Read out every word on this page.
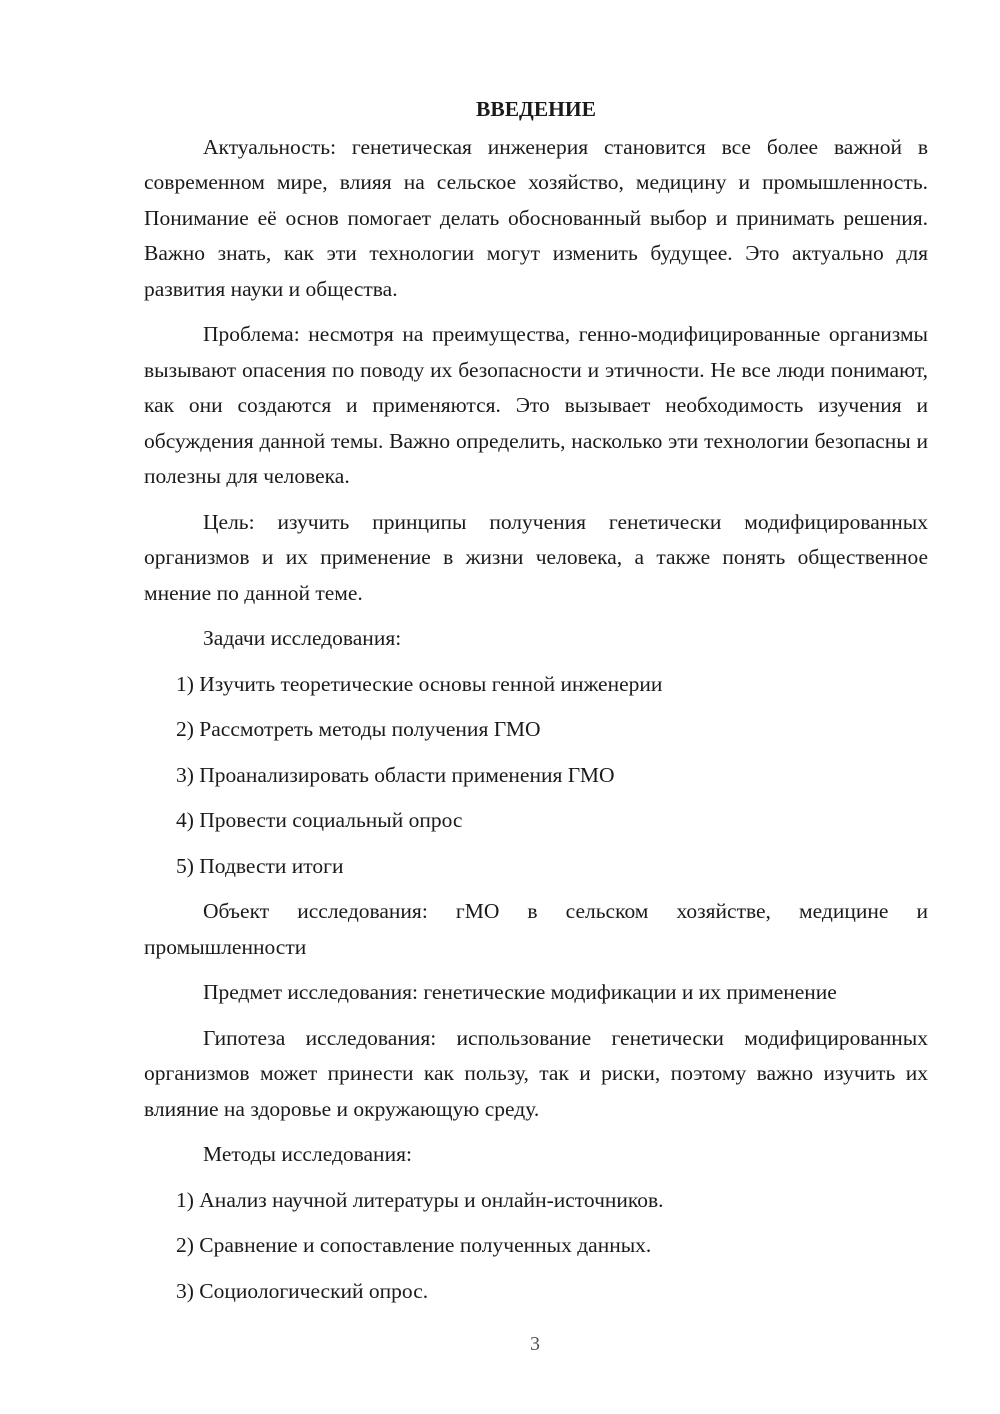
ВВЕДЕНИЕ

Актуальность: генетическая инженерия становится все более важной в современном мире, влияя на сельское хозяйство, медицину и промышленность. Понимание её основ помогает делать обоснованный выбор и принимать решения. Важно знать, как эти технологии могут изменить будущее. Это актуально для развития науки и общества.

Проблема: несмотря на преимущества, генно-модифицированные организмы вызывают опасения по поводу их безопасности и этичности. Не все люди понимают, как они создаются и применяются. Это вызывает необходимость изучения и обсуждения данной темы. Важно определить, насколько эти технологии безопасны и полезны для человека.

Цель: изучить принципы получения генетически модифицированных организмов и их применение в жизни человека, а также понять общественное мнение по данной теме.

Задачи исследования:

1) Изучить теоретические основы генной инженерии
2) Рассмотреть методы получения ГМО
3) Проанализировать области применения ГМО
4) Провести социальный опрос
5) Подвести итоги

Объект исследования: гМО в сельском хозяйстве, медицине и промышленности

Предмет исследования: генетические модификации и их применение

Гипотеза исследования: использование генетически модифицированных организмов может принести как пользу, так и риски, поэтому важно изучить их влияние на здоровье и окружающую среду.

Методы исследования:

1) Анализ научной литературы и онлайн-источников.
2) Сравнение и сопоставление полученных данных.
3) Социологический опрос.
3
